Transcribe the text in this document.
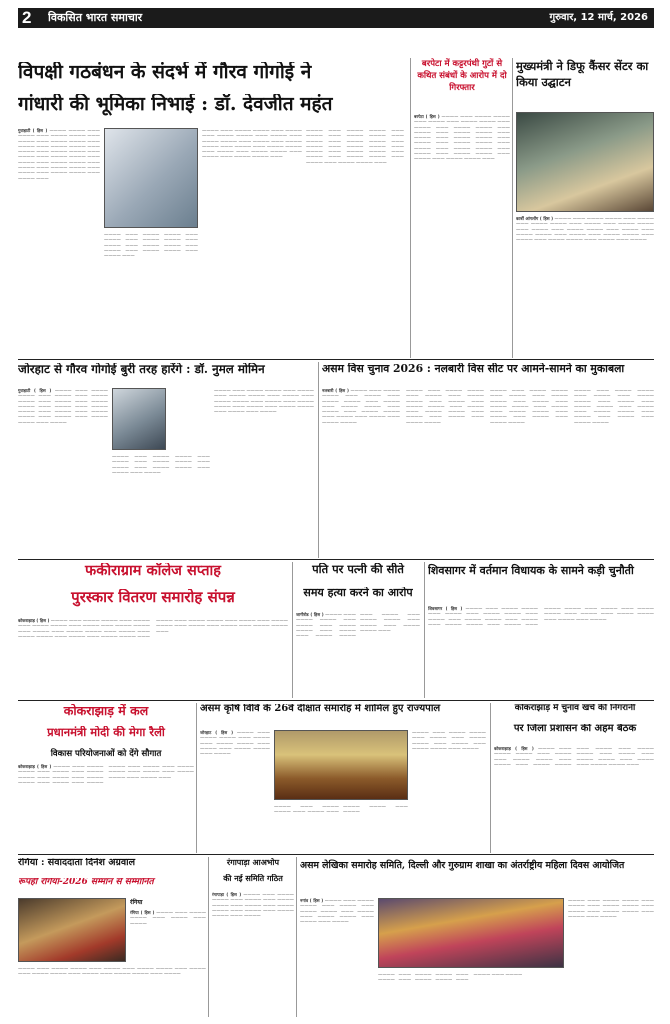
2	विकसित भारत समाचार	गुरुवार, 12 मार्च, 2026
विपक्षी गठबंधन के संदर्भ में गौरव गोगोई ने
गांधारी की भूमिका निभाई : डॉ. देवजीत महंत
गुवाहाटी ( हिस ) ———— ———— ——— ———— ——— ———— ———— ——— ———— ——— ———— ———— ——— ———— ——— ———— ———— ——— ———— ——— ———— ———— ——— ———— ——— ———— ———— ——— ———— ——— ———— ———— ——— ———— ——— ———— ———— ——— ———— ——— ———— ———— ——— ———— ———
———— ——— ———— ———— ——— ———— ——— ———— ———— ——— ———— ——— ———— ———— ——— ———— ——— ———— ———— ——— ———— ———
———— ——— ———— ———— ——— ———— ——— ———— ———— ——— ———— ——— ———— ———— ——— ———— ——— ———— ———— ——— ———— ——— ———— ———— ——— ———— ——— ———— ———— ——— ———— ——— ———— ———— ———
———— ——— ———— ———— ——— ———— ——— ———— ———— ——— ———— ——— ———— ———— ——— ———— ——— ———— ———— ——— ———— ——— ———— ———— ——— ———— ——— ———— ———— ——— ———— ——— ———— ———— ———
बरपेटा में कट्टरपंथी गुटों से कथित संबंधों के आरोप में दो गिरफ्तार
बरपेटा ( हिस ) ———— ——— ———— ———— ——— ———— ——— ———— ———— ——— ———— ——— ———— ———— ——— ———— ——— ———— ———— ——— ———— ——— ———— ———— ——— ———— ——— ———— ———— ——— ———— ——— ———— ———— ——— ———— ——— ———— ———— ——— ———— ——— ———— ———— ———
मुख्यमंत्री ने डिफू कैंसर सेंटर का किया उद्घाटन
कार्बी आंगलोंग ( हिस ) ———— ——— ———— ———— ——— ———— ——— ———— ———— ——— ———— ——— ———— ———— ——— ———— ——— ———— ———— ——— ———— ——— ———— ———— ——— ———— ——— ———— ———— ——— ———— ——— ———— ———— ——— ———— ——— ————
जोरहाट से गौरव गोगोई बुरी तरह हारेंगे : डॉ. नुमल मोमिन
गुवाहाटी ( हिस ) ———— ——— ———— ———— ——— ———— ——— ———— ———— ——— ———— ——— ———— ———— ——— ———— ——— ———— ———— ——— ———— ——— ———— ———— ——— ———— ——— ———— ———— ——— ————
———— ——— ———— ———— ——— ———— ——— ———— ———— ——— ———— ——— ———— ———— ——— ———— ——— ————
———— ——— ———— ———— ——— ———— ——— ———— ———— ——— ———— ——— ———— ———— ——— ———— ——— ———— ———— ——— ———— ——— ———— ———— ——— ———— ——— ————
असम विस चुनाव 2026 : नलबारी विस सीट पर आमने-सामने का मुकाबला
नलबारी ( हिस ) ———— ——— ———— ———— ——— ———— ——— ———— ———— ——— ———— ——— ———— ———— ——— ———— ——— ———— ———— ——— ———— ——— ———— ——— ———— ————
———— ——— ———— ———— ——— ———— ——— ———— ———— ——— ———— ——— ———— ———— ——— ———— ——— ———— ———— ——— ———— ——— ———— ——— ———— ————
———— ——— ———— ———— ——— ———— ——— ———— ———— ——— ———— ——— ———— ———— ——— ———— ——— ———— ———— ——— ———— ——— ———— ——— ———— ————
———— ——— ———— ———— ——— ———— ——— ———— ———— ——— ———— ——— ———— ———— ——— ———— ——— ———— ———— ——— ———— ——— ———— ——— ———— ————
फकीराग्राम कॉलेज सप्ताह
पुरस्कार वितरण समारोह संपन्न
कोकराझाड़ ( हिस ) ———— ——— ———— ———— ——— ———— ——— ———— ———— ——— ———— ——— ———— ———— ——— ———— ——— ———— ———— ——— ———— ——— ———— ———— ——— ———— ——— ———— ———— ——— ———— ——— ———— ———— ——— ———— ——— ———— ———— ——— ———— ——— ———— ——— ———— ———— ———
पति पर पत्नी की सीते
समय हत्या करने का आरोप
जागीरोड ( हिस ) ———— ——— ———— ———— ——— ———— ——— ———— ———— ——— ———— ——— ———— ———— ——— ———— ——— ———— ———— ——— ———— ——— ———— ———— ———
शिवसागर में वर्तमान विधायक के सामने कड़ी चुनौती
शिवसागर ( हिस ) ———— ——— ———— ———— ——— ———— ——— ———— ———— ——— ———— ——— ———— ———— ——— ———— ——— ———— ———— ——— ———— ——— ———— ———— ——— ———— ——— ———— ———— ——— ———— ——— ———— ———— ——— ———— ——— ————
कोकराझाड़ में कल
प्रधानमंत्री मोदी की मेगा रैली
विकास परियोजनाओं को देंगे सौगात
कोकराझाड़ ( हिस ) ———— ——— ———— ———— ——— ———— ——— ———— ———— ——— ———— ——— ———— ———— ——— ———— ——— ———— ———— ——— ———— ——— ———— ———— ——— ———— ——— ———— ———— ——— ———— ———
असम कृषि विवि के 26वें दीक्षांत समारोह में शामिल हुए राज्यपाल
जोरहाट ( हिस ) ———— ——— ———— ———— ——— ———— ——— ———— ———— ——— ———— ——— ———— ———— ——— ————
———— ——— ———— ———— ——— ———— ——— ———— ———— ——— ————
———— ——— ———— ———— ——— ———— ——— ———— ———— ——— ———— ——— ———— ———— ——— ————
कोकराझाड़ में चुनाव खर्च की निगरानी
पर जिला प्रशासन की अहम बैठक
कोकराझाड़ ( हिस ) ———— ——— ———— ———— ——— ———— ——— ———— ———— ——— ———— ——— ———— ———— ——— ———— ——— ———— ———— ——— ———— ——— ———— ———— ——— ———— ——— ———— ———— ———
रंगिया : संवाददाता दिनेश अग्रवाल
रूपहीं रंगिया-2026 सम्मान से सम्मानित
रंगिया
रंगिया ( हिस ) ———— ——— ———— ———— ——— ———— ——— ————
———— ——— ———— ———— ——— ———— ——— ———— ———— ——— ———— ——— ———— ———— ——— ———— ——— ———— ———— ——— ————
रंगापाड़ा आअभोप
की नई समिति गठित
रंगापाड़ा ( हिस ) ———— ——— ———— ———— ——— ———— ——— ———— ———— ——— ———— ——— ———— ———— ——— ———— ——— ———— ———— ——— ————
असम लेखिका समारोह समिति, दिल्ली और गुरुग्राम शाखा का अंतर्राष्ट्रीय महिला दिवस आयोजित
नगांव ( हिस ) ———— ——— ———— ———— ——— ———— ——— ———— ———— ——— ———— ——— ———— ———— ——— ———— ——— ————
———— ——— ———— ———— ——— ———— ——— ———— ———— ——— ———— ——— ————
———— ——— ———— ———— ——— ———— ——— ———— ———— ——— ———— ——— ———— ———— ——— ———— ——— ————
